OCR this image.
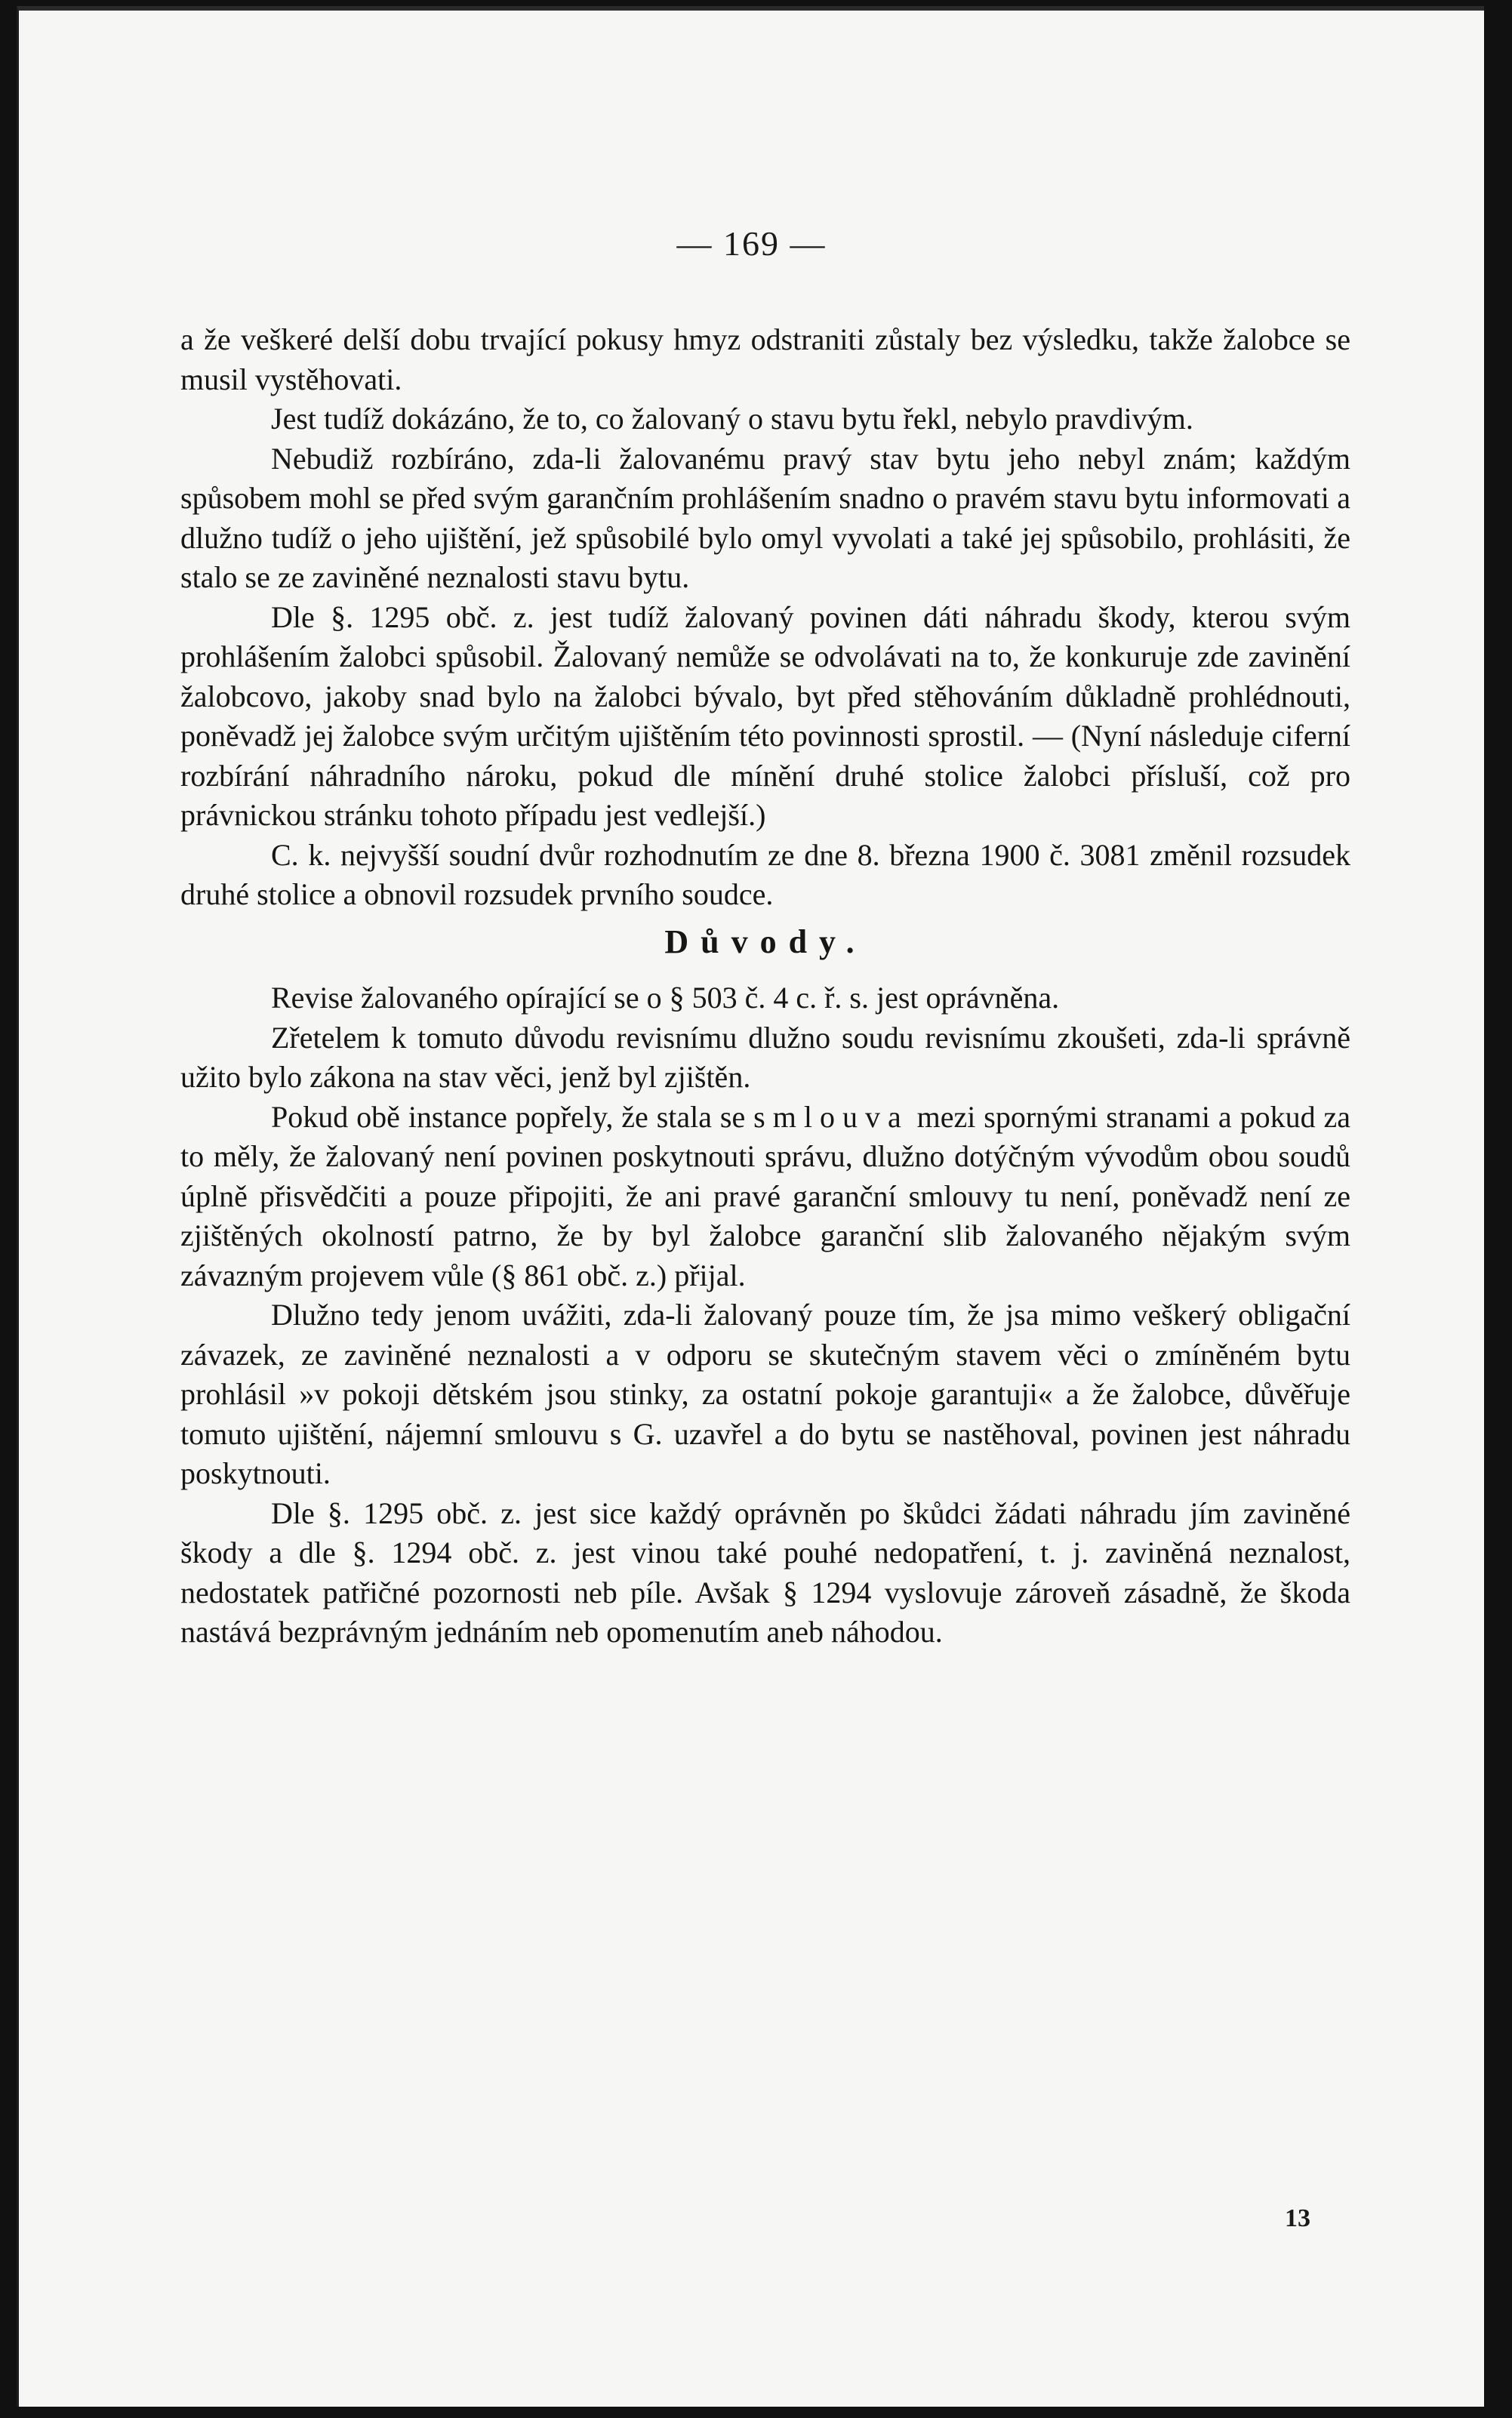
— 169 —

a že veškeré delší dobu trvající pokusy hmyz odstraniti zůstaly bez výsledku, takže žalobce se musil vystěhovati.

Jest tudíž dokázáno, že to, co žalovaný o stavu bytu řekl, nebylo pravdivým.

Nebudiž rozbíráno, zda-li žalovanému pravý stav bytu jeho nebyl znám; každým spůsobem mohl se před svým garančním prohlášením snadno o pravém stavu bytu informovati a dlužno tudíž o jeho ujištění, jež spůsobilé bylo omyl vyvolati a také jej spůsobilo, prohlásiti, že stalo se ze zaviněné neznalosti stavu bytu.

Dle §. 1295 obč. z. jest tudíž žalovaný povinen dáti náhradu škody, kterou svým prohlášením žalobci spůsobil. Žalovaný nemůže se odvolávati na to, že konkuruje zde zavinění žalobcovo, jakoby snad bylo na žalobci bývalo, byt před stěhováním důkladně prohlédnouti, poněvadž jej žalobce svým určitým ujištěním této povinnosti sprostil. — (Nyní následuje ciferní rozbírání náhradního nároku, pokud dle mínění druhé stolice žalobci přísluší, což pro právnickou stránku tohoto případu jest vedlejší.)

C. k. nejvyšší soudní dvůr rozhodnutím ze dne 8. března 1900 č. 3081 změnil rozsudek druhé stolice a obnovil rozsudek prvního soudce.

Důvody.

Revise žalovaného opírající se o § 503 č. 4 c. ř. s. jest oprávněna.

Zřetelem k tomuto důvodu revisnímu dlužno soudu revisnímu zkoušeti, zda-li správně užito bylo zákona na stav věci, jenž byl zjištěn.

Pokud obě instance popřely, že stala se smlouva mezi spornými stranami a pokud za to měly, že žalovaný není povinen poskytnouti správu, dlužno dotýčným vývodům obou soudů úplně přisvědčiti a pouze připojiti, že ani pravé garanční smlouvy tu není, poněvadž není ze zjištěných okolností patrno, že by byl žalobce garanční slib žalovaného nějakým svým závazným projevem vůle (§ 861 obč. z.) přijal.

Dlužno tedy jenom uvážiti, zda-li žalovaný pouze tím, že jsa mimo veškerý obligační závazek, ze zaviněné neznalosti a v odporu se skutečným stavem věci o zmíněném bytu prohlásil »v pokoji dětském jsou stinky, za ostatní pokoje garantuji« a že žalobce, důvěřuje tomuto ujištění, nájemní smlouvu s G. uzavřel a do bytu se nastěhoval, povinen jest náhradu poskytnouti.

Dle §. 1295 obč. z. jest sice každý oprávněn po škůdci žádati náhradu jím zaviněné škody a dle §. 1294 obč. z. jest vinou také pouhé nedopatření, t. j. zaviněná neznalost, nedostatek patřičné pozornosti neb píle. Avšak § 1294 vyslovuje zároveň zásadně, že škoda nastává bezprávným jednáním neb opomenutím aneb náhodou.

13
